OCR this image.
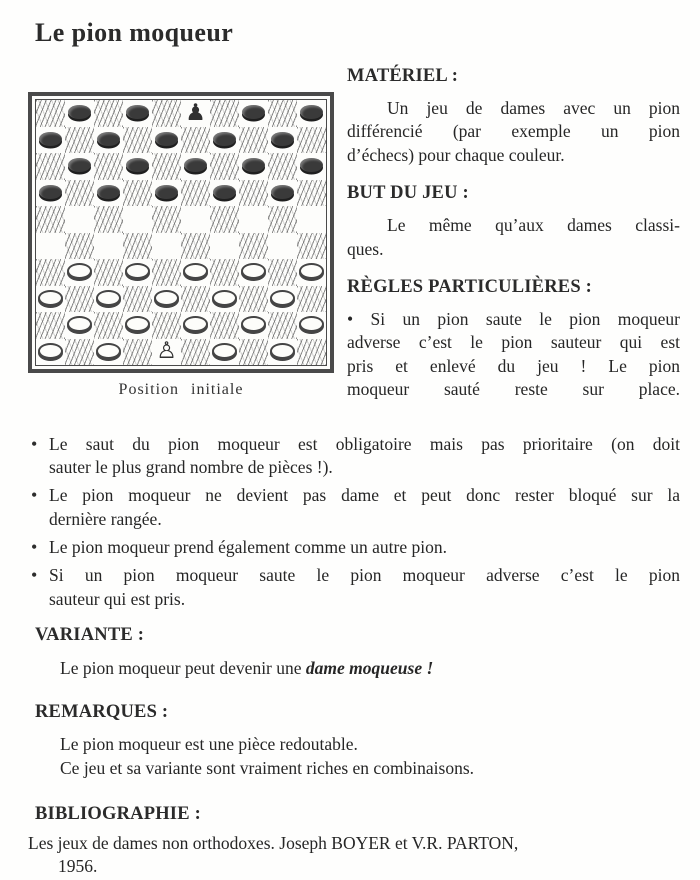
Le pion moqueur
♟
♙
Position initiale
MATÉRIEL :
Un jeu de dames avec un pion
différencié (par exemple un pion
d’échecs) pour chaque couleur.
BUT DU JEU :
Le même qu’aux dames classi-
ques.
RÈGLES PARTICULIÈRES :
• Si un pion saute le pion moqueur
adverse c’est le pion sauteur qui est
pris et enlevé du jeu ! Le pion
moqueur sauté reste sur place.
• Le saut du pion moqueur est obligatoire mais pas prioritaire (on doit
sauter le plus grand nombre de pièces !).
• Le pion moqueur ne devient pas dame et peut donc rester bloqué sur la
dernière rangée.
• Le pion moqueur prend également comme un autre pion.
• Si un pion moqueur saute le pion moqueur adverse c’est le pion
sauteur qui est pris.
VARIANTE :
Le pion moqueur peut devenir une dame moqueuse !
REMARQUES :
Le pion moqueur est une pièce redoutable.
Ce jeu et sa variante sont vraiment riches en combinaisons.
BIBLIOGRAPHIE :
Les jeux de dames non orthodoxes. Joseph BOYER et V.R. PARTON,
1956.
